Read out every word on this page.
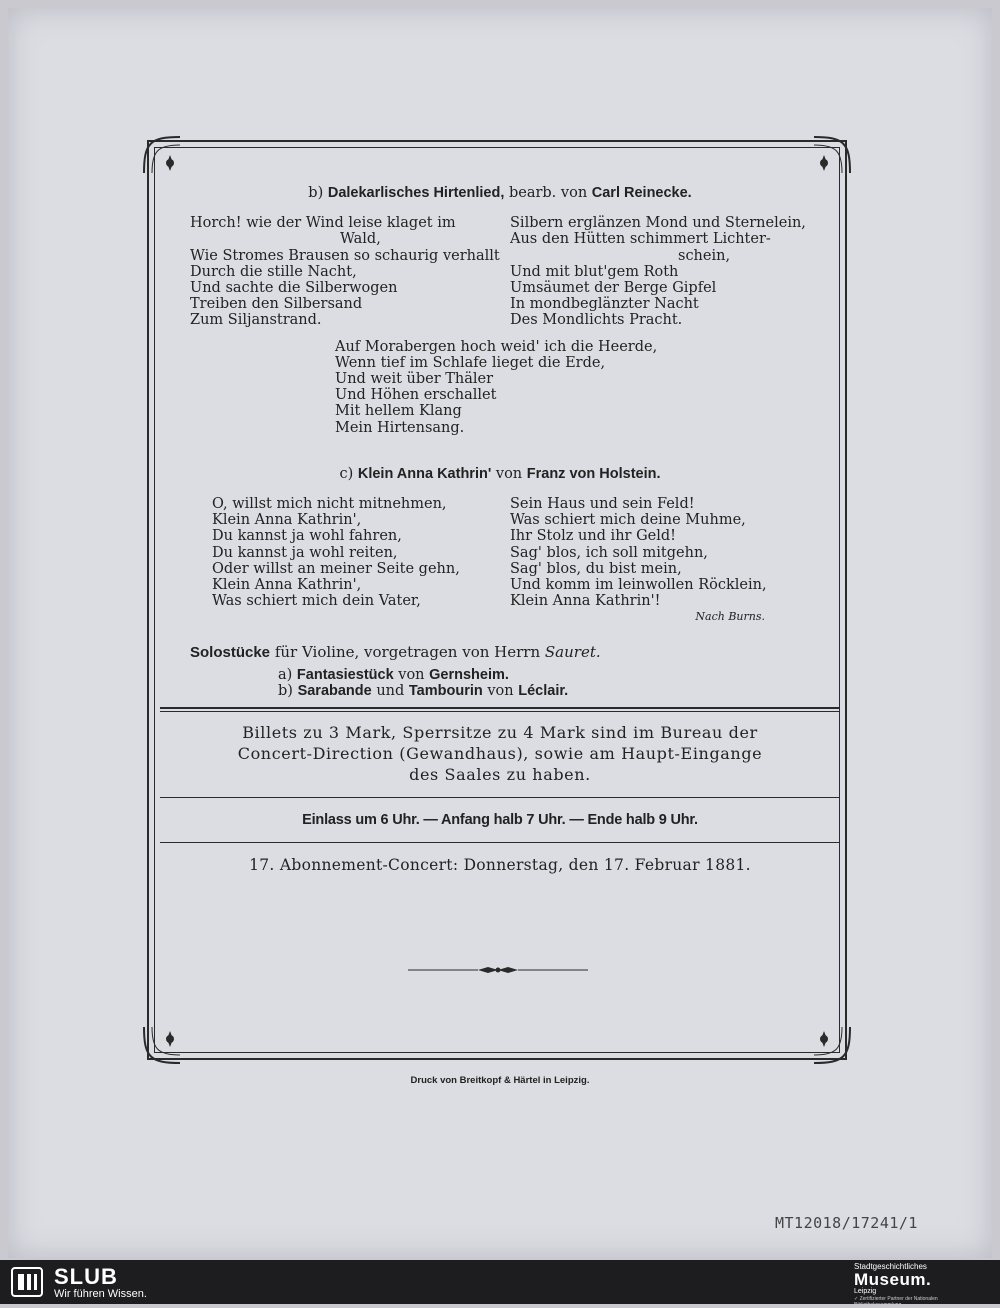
b) Dalekarlisches Hirtenlied, bearb. von Carl Reinecke.
Horch! wie der Wind leise klaget im
Wald,
Wie Stromes Brausen so schaurig verhallt
Durch die stille Nacht,
Und sachte die Silberwogen
Treiben den Silbersand
Zum Siljanstrand.
Silbern erglänzen Mond und Sternelein,
Aus den Hütten schimmert Lichter-
schein,
Und mit blut'gem Roth
Umsäumet der Berge Gipfel
In mondbeglänzter Nacht
Des Mondlichts Pracht.
Auf Morabergen hoch weid' ich die Heerde,
Wenn tief im Schlafe lieget die Erde,
Und weit über Thäler
Und Höhen erschallet
Mit hellem Klang
Mein Hirtensang.
c) Klein Anna Kathrin' von Franz von Holstein.
O, willst mich nicht mitnehmen,
Klein Anna Kathrin',
Du kannst ja wohl fahren,
Du kannst ja wohl reiten,
Oder willst an meiner Seite gehn,
Klein Anna Kathrin',
Was schiert mich dein Vater,
Sein Haus und sein Feld!
Was schiert mich deine Muhme,
Ihr Stolz und ihr Geld!
Sag' blos, ich soll mitgehn,
Sag' blos, du bist mein,
Und komm im leinwollen Röcklein,
Klein Anna Kathrin'!
Nach Burns.
Solostücke für Violine, vorgetragen von Herrn Sauret.
a) Fantasiestück von Gernsheim.
b) Sarabande und Tambourin von Léclair.
Billets zu 3 Mark, Sperrsitze zu 4 Mark sind im Bureau der
Concert-Direction (Gewandhaus), sowie am Haupt-Eingange
des Saales zu haben.
Einlass um 6 Uhr. — Anfang halb 7 Uhr. — Ende halb 9 Uhr.
17. Abonnement-Concert: Donnerstag, den 17. Februar 1881.
Druck von Breitkopf & Härtel in Leipzig.
MT12018/17241/1
SLUB
Wir führen Wissen.
Stadtgeschichtliches
Museum.
Leipzig
✓ Zertifizierter Partner der Nationalen Bibliothekssammlung
